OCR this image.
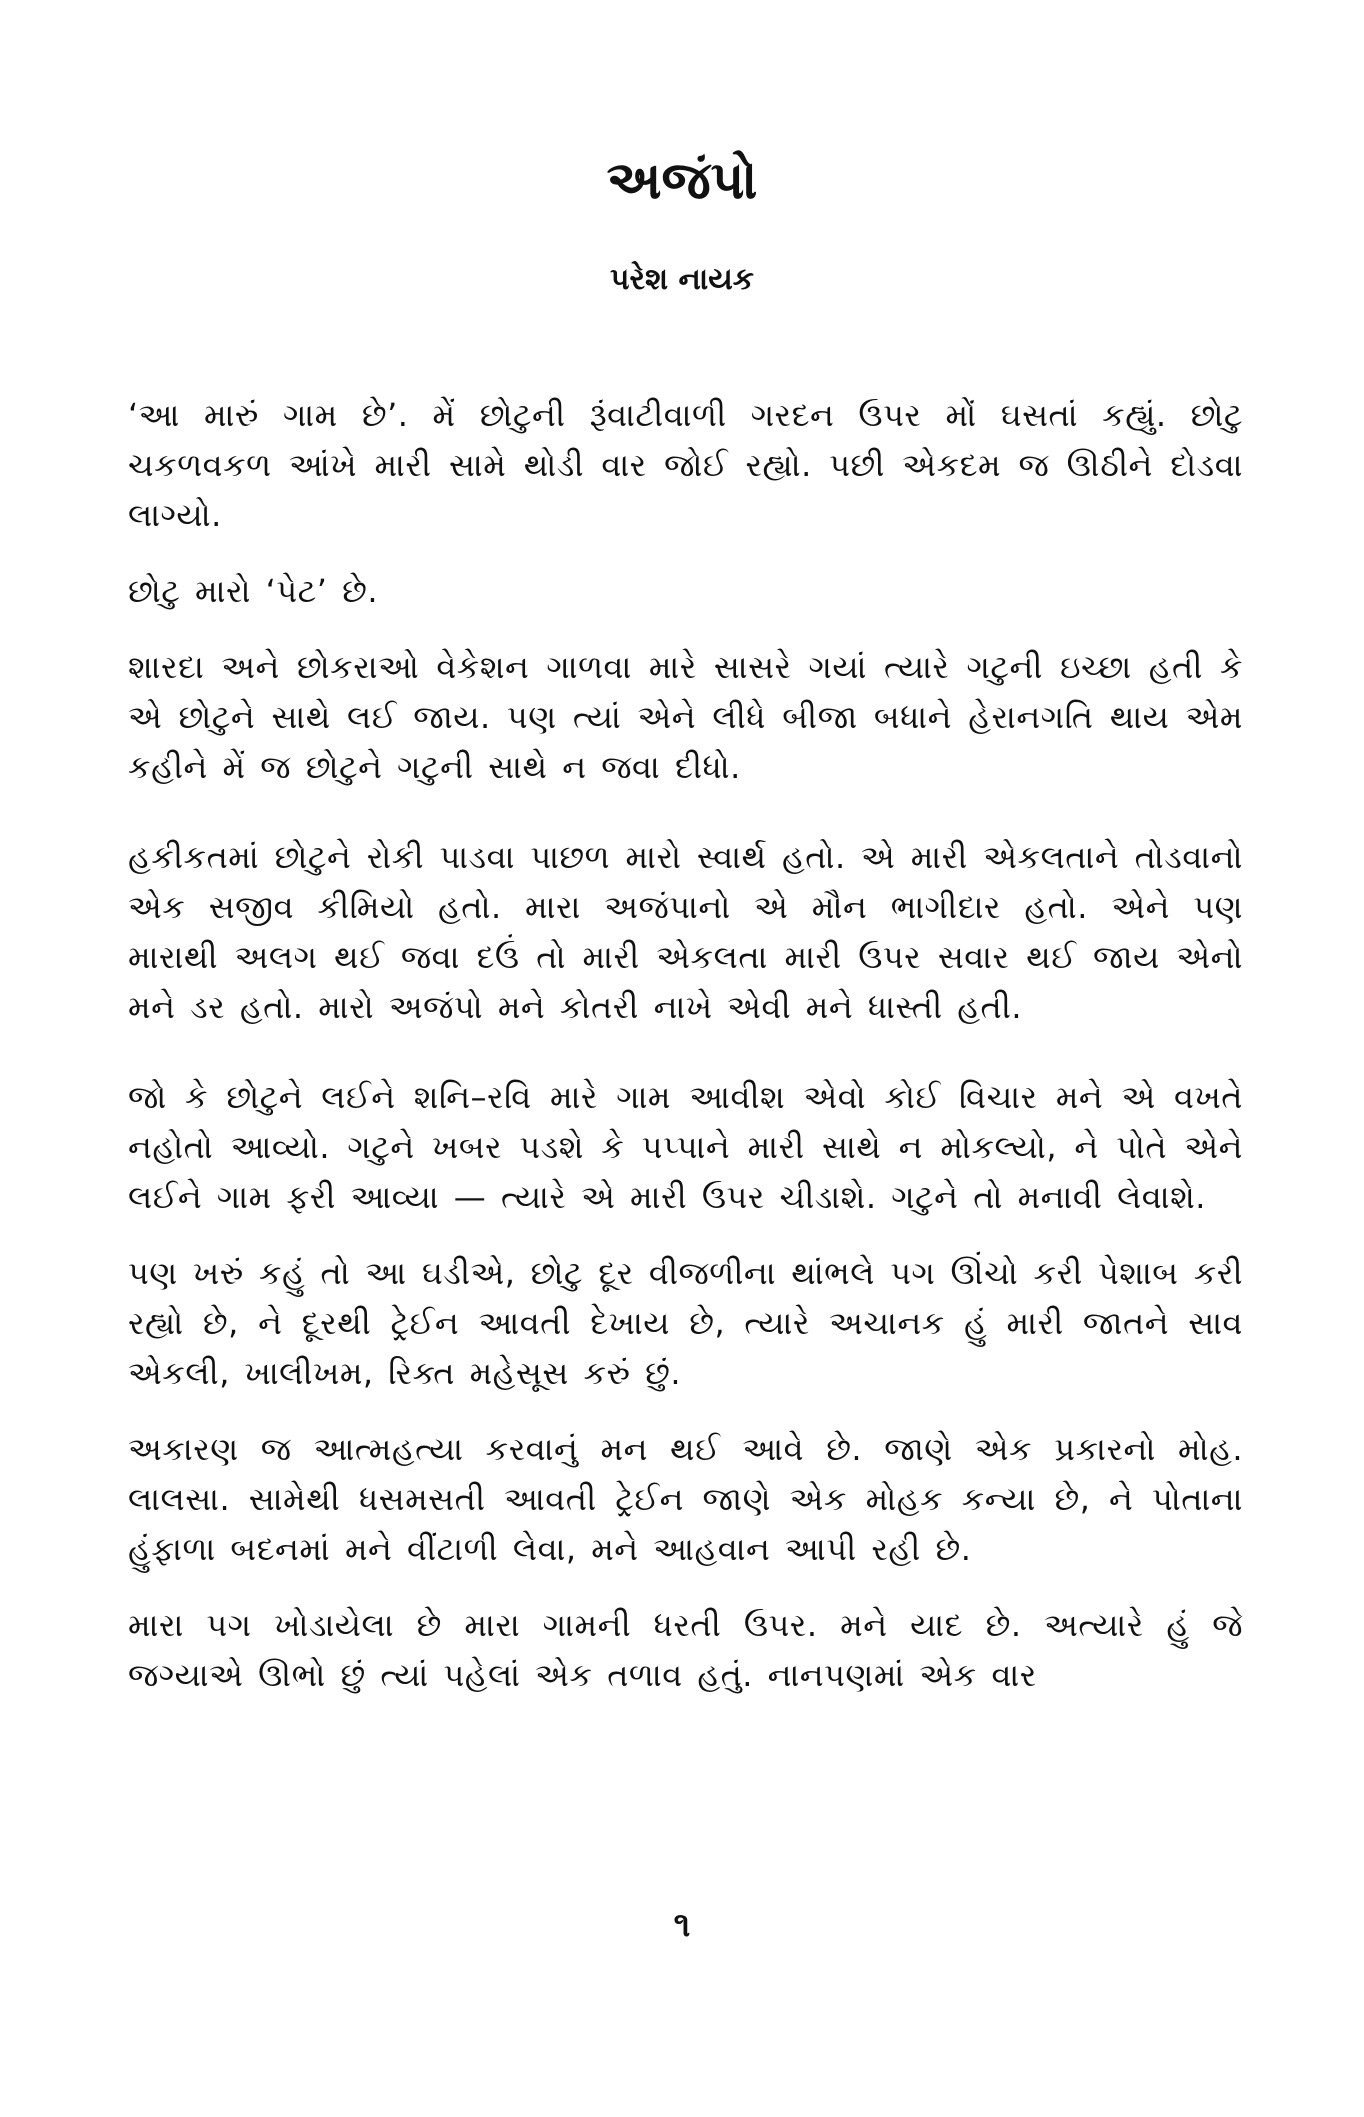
અજંપો
પરેશ નાયક

‘આ મારું ગામ છે’. મેં છોટુની રૂંવાટીવાળી ગરદન ઉપર મોં ઘસતાં કહ્યું. છોટુ ચકળવકળ આંખે મારી સામે થોડી વાર જોઈ રહ્યો. પછી એકદમ જ ઊઠીને દોડવા લાગ્યો.

છોટુ મારો ‘પેટ’ છે.

શારદા અને છોકરાઓ વેકેશન ગાળવા મારે સાસરે ગયાં ત્યારે ગટુની ઇચ્છા હતી કે એ છોટુને સાથે લઈ જાય. પણ ત્યાં એને લીધે બીજા બધાને હેરાનગતિ થાય એમ કહીને મેં જ છોટુને ગટુની સાથે ન જવા દીધો.

હકીકતમાં છોટુને રોકી પાડવા પાછળ મારો સ્વાર્થ હતો. એ મારી એકલતાને તોડવાનો એક સજીવ કીમિયો હતો. મારા અજંપાનો એ મૌન ભાગીદાર હતો. એને પણ મારાથી અલગ થઈ જવા દઉં તો મારી એકલતા મારી ઉપર સવાર થઈ જાય એનો મને ડર હતો. મારો અજંપો મને કોતરી નાખે એવી મને ધાસ્તી હતી.

જો કે છોટુને લઈને શનિ–રવિ મારે ગામ આવીશ એવો કોઈ વિચાર મને એ વખતે નહોતો આવ્યો. ગટુને ખબર પડશે કે પપ્પાને મારી સાથે ન મોકલ્યો, ને પોતે એને લઈને ગામ ફરી આવ્યા — ત્યારે એ મારી ઉપર ચીડાશે. ગટુને તો મનાવી લેવાશે.

પણ ખરું કહું તો આ ઘડીએ, છોટુ દૂર વીજળીના થાંભલે પગ ઊંચો કરી પેશાબ કરી રહ્યો છે, ને દૂરથી ટ્રેઈન આવતી દેખાય છે, ત્યારે અચાનક હું મારી જાતને સાવ એકલી, ખાલીખમ, રિક્ત મહેસૂસ કરું છું.

અકારણ જ આત્મહત્યા કરવાનું મન થઈ આવે છે. જાણે એક પ્રકારનો મોહ. લાલસા. સામેથી ધસમસતી આવતી ટ્રેઈન જાણે એક મોહક કન્યા છે, ને પોતાના હુંફાળા બદનમાં મને વીંટાળી લેવા, મને આહવાન આપી રહી છે.

મારા પગ ખોડાયેલા છે મારા ગામની ધરતી ઉપર. મને યાદ છે. અત્યારે હું જે જગ્યાએ ઊભો છું ત્યાં પહેલાં એક તળાવ હતું. નાનપણમાં એક વાર

૧
